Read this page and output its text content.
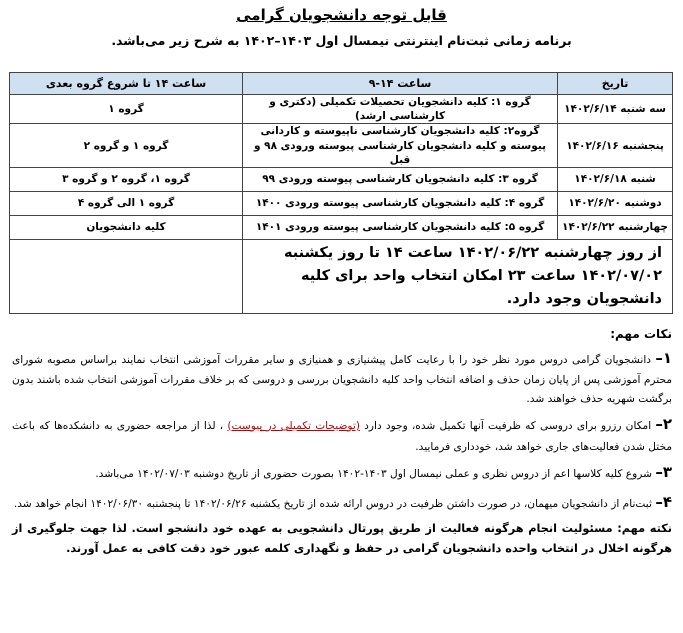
قابل توجه دانشجویان گرامی
برنامه زمانی ثبت‌نام اینترنتی نیمسال اول ۱۴۰۳–۱۴۰۲ به شرح زیر می‌باشد.
تاریخ	ساعت ۱۴-۹	ساعت ۱۴ تا شروع گروه بعدی
سه شنبه ۱۴۰۲/۶/۱۴	گروه ۱: کلیه دانشجویان تحصیلات تکمیلی (دکتری و کارشناسی ارشد)	گروه ۱
پنجشنبه ۱۴۰۲/۶/۱۶	گروه۲: کلیه دانشجویان کارشناسی ناپیوسته و کاردانی پیوسته و کلیه دانشجویان کارشناسی پیوسته ورودی ۹۸ و قبل	گروه ۱ و گروه ۲
شنبه ۱۴۰۲/۶/۱۸	گروه ۳: کلیه دانشجویان کارشناسی پیوسته ورودی ۹۹	گروه ۱، گروه ۲ و گروه ۳
دوشنبه ۱۴۰۲/۶/۲۰	گروه ۴: کلیه دانشجویان کارشناسی پیوسته ورودی ۱۴۰۰	گروه ۱ الی گروه ۴
چهارشنبه ۱۴۰۲/۶/۲۲	گروه ۵: کلیه دانشجویان کارشناسی پیوسته ورودی ۱۴۰۱	کلیه دانشجویان
از روز چهارشنبه ۱۴۰۲/۰۶/۲۲ ساعت ۱۴ تا روز یکشنبه ۱۴۰۲/۰۷/۰۲ ساعت ۲۳ امکان انتخاب واحد برای کلیه دانشجویان وجود دارد.		
نکات مهم:
۱– دانشجویان گرامی دروس مورد نظر خود را با رعایت کامل پیشنیازی و همنیازی و سایر مقررات آموزشی انتخاب نمایند براساس مصوبه شورای محترم آموزشی پس از پایان زمان حذف و اضافه انتخاب واحد کلیه دانشجویان بررسی و دروسی که بر خلاف مقررات آموزشی انتخاب شده باشند بدون برگشت شهریه حذف خواهند شد.
۲– امکان رزرو برای دروسی که ظرفیت آنها تکمیل شده، وجود دارد (توضیحات تکمیلی در پیوست) ، لذا از مراجعه حضوری به دانشکده‌ها که باعث مختل شدن فعالیت‌های جاری خواهد شد، خودداری فرمایید.
۳– شروع کلیه کلاسها اعم از دروس نظری و عملی نیمسال اول ۱۴۰۳-۱۴۰۲ بصورت حضوری از تاریخ دوشنبه ۱۴۰۲/۰۷/۰۳ می‌باشد.
۴– ثبت‌نام از دانشجویان میهمان، در صورت داشتن ظرفیت در دروس ارائه شده از تاریخ یکشنبه ۱۴۰۲/۰۶/۲۶ تا پنجشنبه ۱۴۰۲/۰۶/۳۰ انجام خواهد شد.
نکته مهم: مسئولیت انجام هرگونه فعالیت از طریق پورتال دانشجویی به عهده خود دانشجو است. لذا جهت جلوگیری از هرگونه اخلال در انتخاب واحده دانشجویان گرامی در حفظ و نگهداری کلمه عبور خود دقت کافی به عمل آورند.
